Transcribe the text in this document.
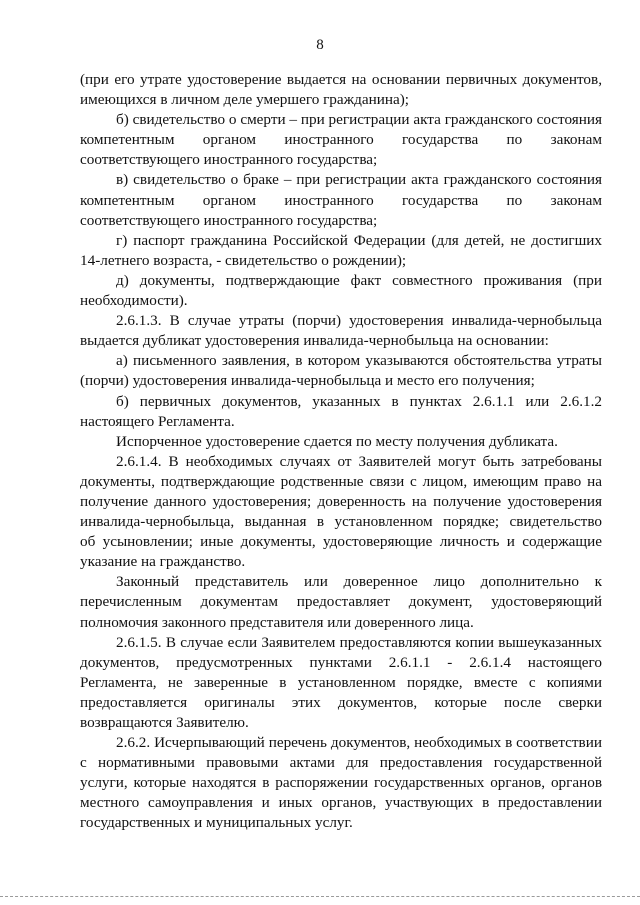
8

(при его утрате удостоверение выдается на основании первичных документов, имеющихся в личном деле умершего гражданина);

б) свидетельство о смерти – при регистрации акта гражданского состояния компетентным органом иностранного государства по законам соответствующего иностранного государства;

в) свидетельство о браке – при регистрации акта гражданского состояния компетентным органом иностранного государства по законам соответствующего иностранного государства;

г) паспорт гражданина Российской Федерации (для детей, не достигших 14-летнего возраста, - свидетельство о рождении);

д) документы, подтверждающие факт совместного проживания (при необходимости).

2.6.1.3. В случае утраты (порчи) удостоверения инвалида-чернобыльца выдается дубликат удостоверения инвалида-чернобыльца на основании:

а) письменного заявления, в котором указываются обстоятельства утраты (порчи) удостоверения инвалида-чернобыльца и место его получения;

б) первичных документов, указанных в пунктах 2.6.1.1 или 2.6.1.2 настоящего Регламента.

Испорченное удостоверение сдается по месту получения дубликата.

2.6.1.4. В необходимых случаях от Заявителей могут быть затребованы документы, подтверждающие родственные связи с лицом, имеющим право на получение данного удостоверения; доверенность на получение удостоверения инвалида-чернобыльца, выданная в установленном порядке; свидетельство

об усыновлении; иные документы, удостоверяющие личность и содержащие указание на гражданство.

Законный представитель или доверенное лицо дополнительно к перечисленным документам предоставляет документ, удостоверяющий полномочия законного представителя или доверенного лица.

2.6.1.5. В случае если Заявителем предоставляются копии вышеуказанных документов, предусмотренных пунктами 2.6.1.1 - 2.6.1.4 настоящего Регламента, не заверенные в установленном порядке, вместе с копиями предоставляется оригиналы этих документов, которые после сверки возвращаются Заявителю.

2.6.2. Исчерпывающий перечень документов, необходимых в соответствии с нормативными правовыми актами для предоставления государственной услуги, которые находятся в распоряжении государственных органов, органов местного самоуправления и иных органов, участвующих в предоставлении государственных и муниципальных услуг.
